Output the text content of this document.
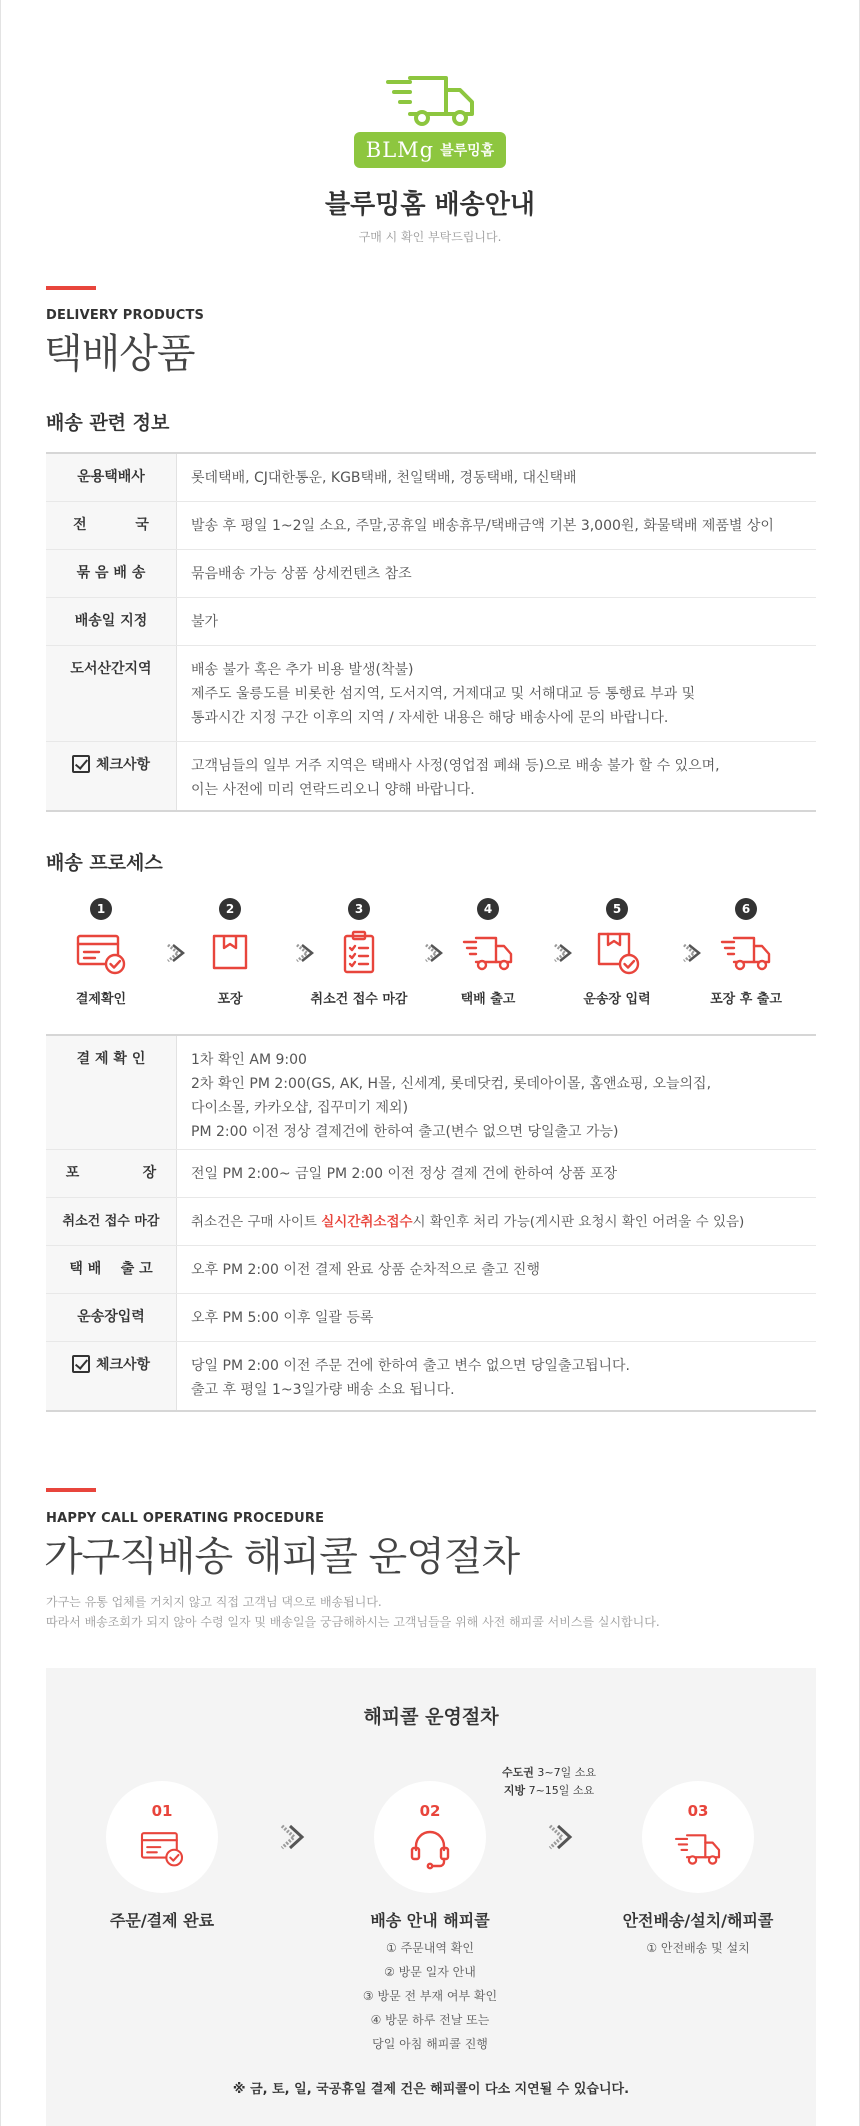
BLMg 블루밍홈
블루밍홈 배송안내
구매 시 확인 부탁드립니다.
DELIVERY PRODUCTS
택배상품
배송 관련 정보
운용택배사	롯데택배, CJ대한통운, KGB택배, 천일택배, 경동택배, 대신택배
전          국	발송 후 평일 1~2일 소요, 주말,공휴일 배송휴무/택배금액 기본 3,000원, 화물택배 제품별 상이
묶 음 배 송	묶음배송 가능 상품 상세컨텐츠 참조
배송일 지정	불가
도서산간지역	배송 불가 혹은 추가 비용 발생(착불)
제주도 울릉도를 비롯한 섬지역, 도서지역, 거제대교 및 서해대교 등 통행료 부과 및
통과시간 지정 구간 이후의 지역 / 자세한 내용은 해당 배송사에 문의 바랍니다.
체크사항	고객님들의 일부 거주 지역은 택배사 사정(영업점 폐쇄 등)으로 배송 불가 할 수 있으며,
이는 사전에 미리 연락드리오니 양해 바랍니다.
배송 프로세스
1
결제확인
2
포장
3
취소건 접수 마감
4
택배 출고
5
운송장 입력
6
포장 후 출고
결 제 확 인	1차 확인 AM 9:00
2차 확인 PM 2:00(GS, AK, H몰, 신세계, 롯데닷컴, 롯데아이몰, 홈앤쇼핑, 오늘의집,
다이소몰, 카카오샵, 집꾸미기 제외)
PM 2:00 이전 정상 결제건에 한하여 출고(변수 없으면 당일출고 가능)
포             장 전일 PM 2:00~ 금일 PM 2:00 이전 정상 결제 건에 한하여 상품 포장
취소건 접수 마감	취소건은 구매 사이트 실시간취소접수시 확인후 처리 가능(게시판 요청시 확인 어려울 수 있음)
택 배    출 고	오후 PM 2:00 이전 결제 완료 상품 순차적으로 출고 진행
운송장입력	오후 PM 5:00 이후 일괄 등록
체크사항	당일 PM 2:00 이전 주문 건에 한하여 출고 변수 없으면 당일출고됩니다.
출고 후 평일 1~3일가량 배송 소요 됩니다.
HAPPY CALL OPERATING PROCEDURE
가구직배송 해피콜 운영절차
가구는 유통 업체를 거치지 않고 직접 고객님 댁으로 배송됩니다.
따라서 배송조회가 되지 않아 수령 일자 및 배송일을 궁금해하시는 고객님들을 위해 사전 해피콜 서비스를 실시합니다.
해피콜 운영절차
수도권 3~7일 소요
지방 7~15일 소요
01
주문/결제 완료
02
배송 안내 해피콜
① 주문내역 확인
② 방문 일자 안내
③ 방문 전 부재 여부 확인
④ 방문 하루 전날 또는
당일 아침 해피콜 진행
03
안전배송/설치/해피콜
① 안전배송 및 설치
※ 금, 토, 일, 국공휴일 결제 건은 해피콜이 다소 지연될 수 있습니다.
